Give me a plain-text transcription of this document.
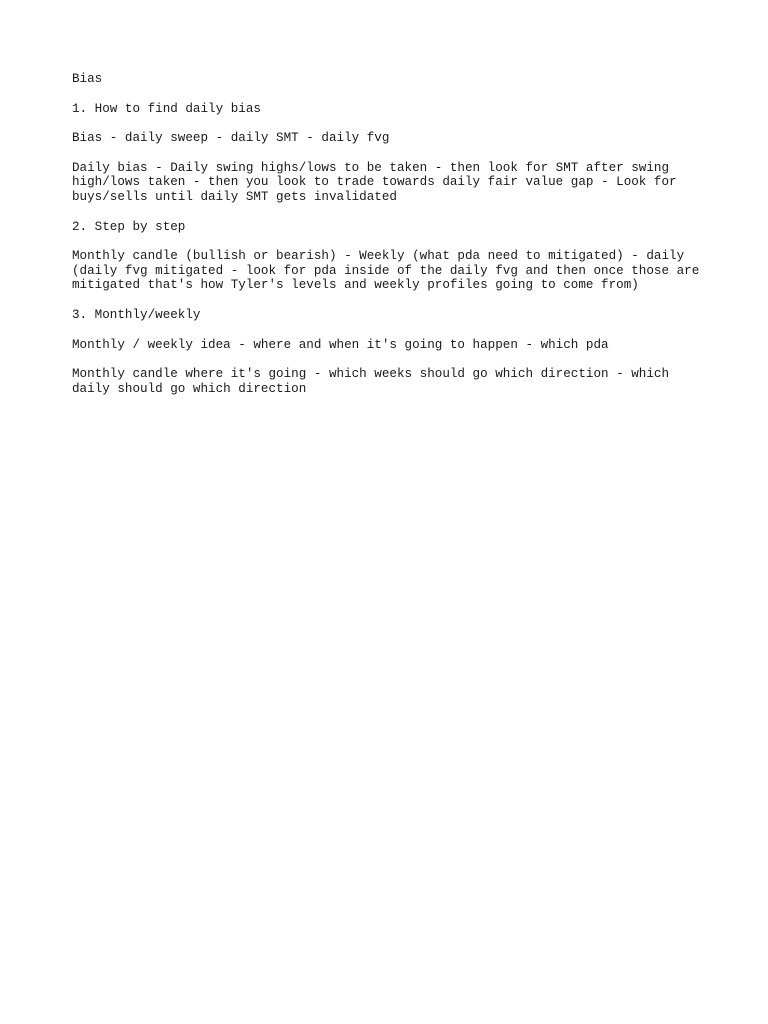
Bias

1. How to find daily bias

Bias - daily sweep - daily SMT - daily fvg

Daily bias - Daily swing highs/lows to be taken - then look for SMT after swing

high/lows taken - then you look to trade towards daily fair value gap - Look for

buys/sells until daily SMT gets invalidated

2. Step by step

Monthly candle (bullish or bearish) - Weekly (what pda need to mitigated) - daily

(daily fvg mitigated - look for pda inside of the daily fvg and then once those are

mitigated that's how Tyler's levels and weekly profiles going to come from)

3. Monthly/weekly

Monthly / weekly idea - where and when it's going to happen - which pda

Monthly candle where it's going - which weeks should go which direction - which

daily should go which direction
